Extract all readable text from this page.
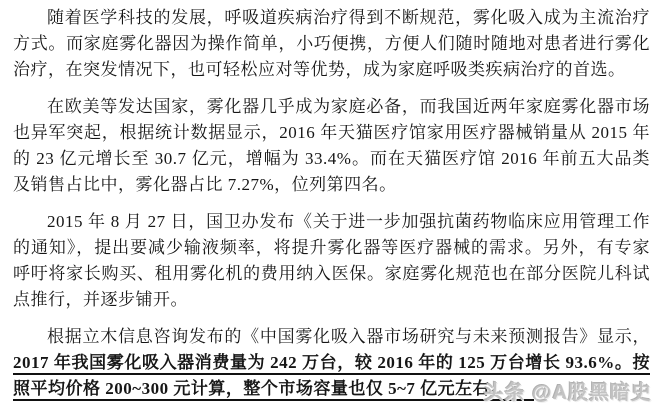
随着医学科技的发展，呼吸道疾病治疗得到不断规范，雾化吸入成为主流治疗方式。而家庭雾化器因为操作简单，小巧便携，方便人们随时随地对患者进行雾化治疗，在突发情况下，也可轻松应对等优势，成为家庭呼吸类疾病治疗的首选。

在欧美等发达国家，雾化器几乎成为家庭必备，而我国近两年家庭雾化器市场也异军突起，根据统计数据显示，2016 年天猫医疗馆家用医疗器械销量从 2015 年的 23 亿元增长至 30.7 亿元，增幅为 33.4%。而在天猫医疗馆 2016 年前五大品类及销售占比中，雾化器占比 7.27%，位列第四名。

2015 年 8 月 27 日，国卫办发布《关于进一步加强抗菌药物临床应用管理工作的通知》，提出要减少输液频率，将提升雾化器等医疗器械的需求。另外，有专家呼吁将家长购买、租用雾化机的费用纳入医保。家庭雾化规范也在部分医院儿科试点推行，并逐步铺开。

根据立木信息咨询发布的《中国雾化吸入器市场研究与未来预测报告》显示，2017 年我国雾化吸入器消费量为 242 万台，较 2016 年的 125 万台增长 93.6%。按照平均价格 200~300 元计算，整个市场容量也仅 5~7 亿元左右。

头条 @A股黑暗史
